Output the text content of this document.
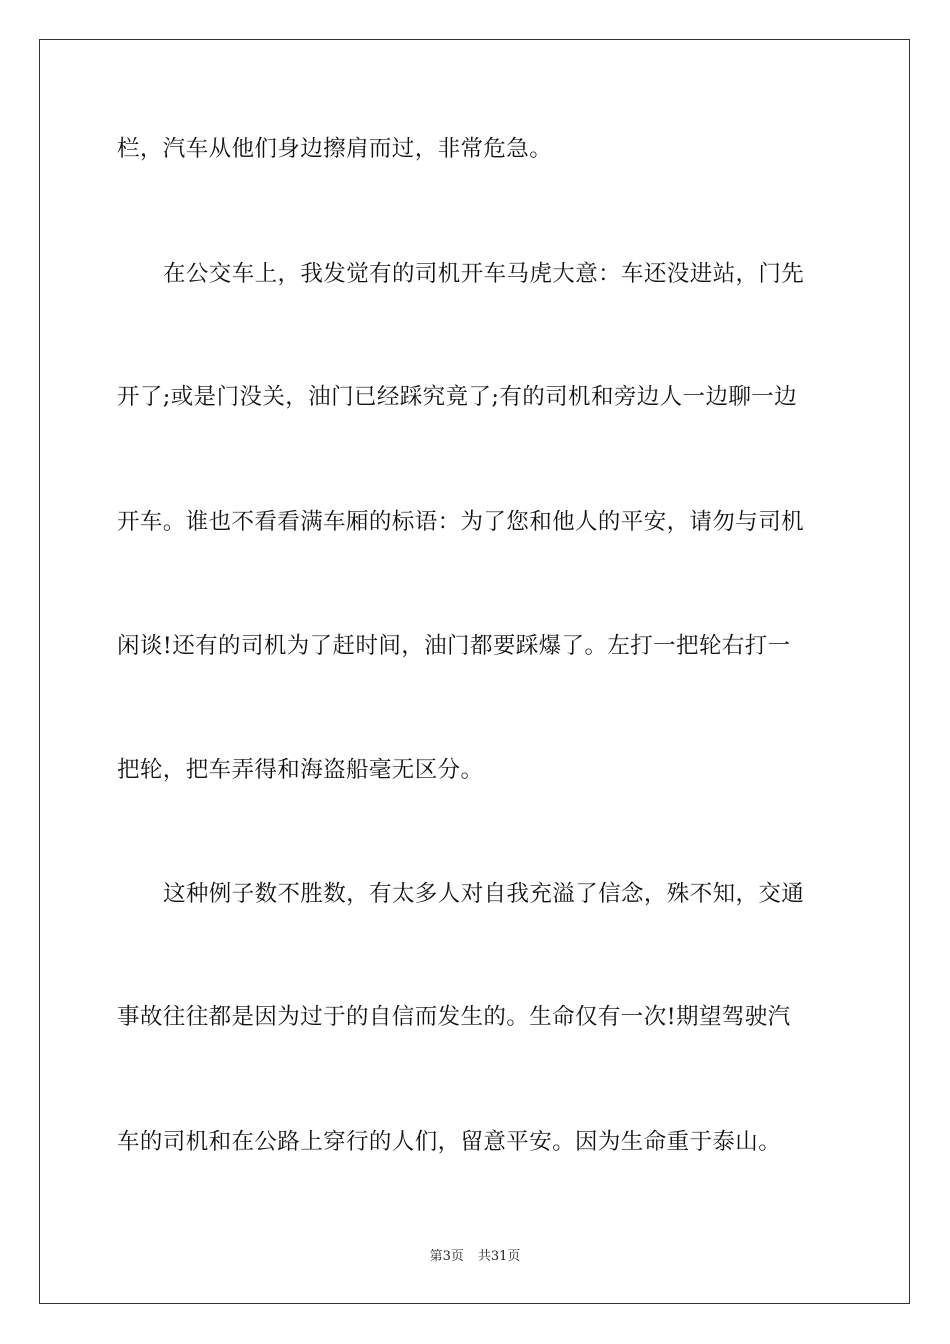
栏，汽车从他们身边擦肩而过，非常危急。
在公交车上，我发觉有的司机开车马虎大意：车还没进站，门先
开了;或是门没关，油门已经踩究竟了;有的司机和旁边人一边聊一边
开车。谁也不看看满车厢的标语：为了您和他人的平安，请勿与司机
闲谈!还有的司机为了赶时间，油门都要踩爆了。左打一把轮右打一
把轮，把车弄得和海盗船毫无区分。
这种例子数不胜数，有太多人对自我充溢了信念，殊不知，交通
事故往往都是因为过于的自信而发生的。生命仅有一次!期望驾驶汽
车的司机和在公路上穿行的人们，留意平安。因为生命重于泰山。
第3页 共31页
